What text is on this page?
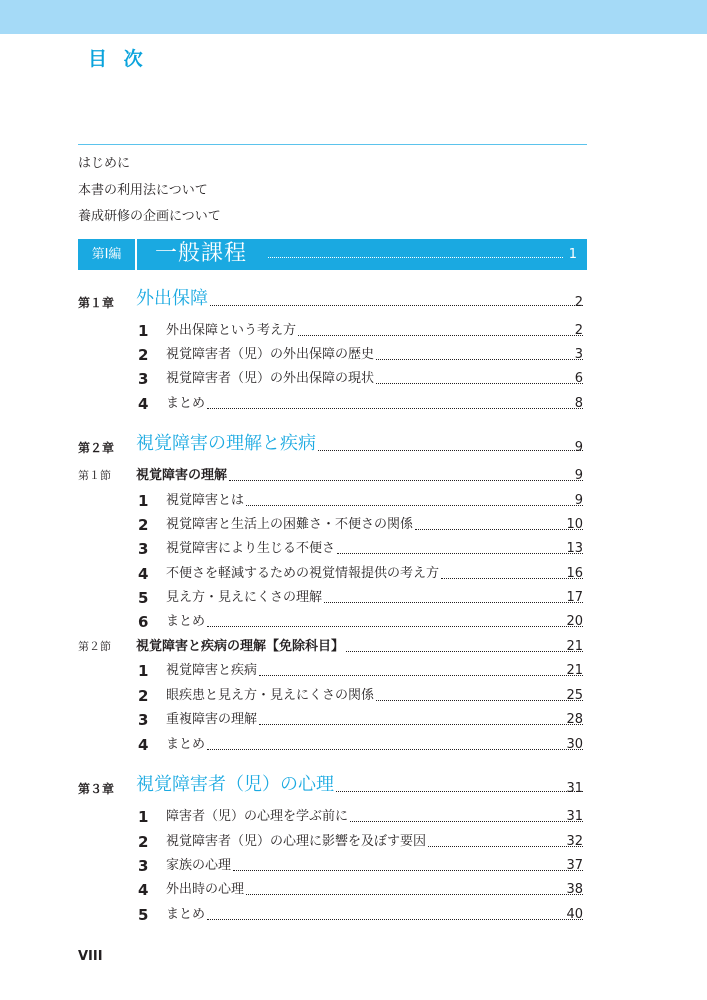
目 次
はじめに
本書の利用法について
養成研修の企画について
第Ⅰ編	一般課程	1
第１章 外出保障	2
1 外出保障という考え方	2
2 視覚障害者（児）の外出保障の歴史	3
3 視覚障害者（児）の外出保障の現状	6
4 まとめ	8
第２章 視覚障害の理解と疾病	9
第１節 視覚障害の理解	9
1 視覚障害とは	9
2 視覚障害と生活上の困難さ・不便さの関係	10
3 視覚障害により生じる不便さ	13
4 不便さを軽減するための視覚情報提供の考え方	16
5 見え方・見えにくさの理解	17
6 まとめ	20
第２節 視覚障害と疾病の理解【免除科目】	21
1 視覚障害と疾病	21
2 眼疾患と見え方・見えにくさの関係	25
3 重複障害の理解	28
4 まとめ	30
第３章 視覚障害者（児）の心理	31
1 障害者（児）の心理を学ぶ前に	31
2 視覚障害者（児）の心理に影響を及ぼす要因	32
3 家族の心理	37
4 外出時の心理	38
5 まとめ	40

VIII
